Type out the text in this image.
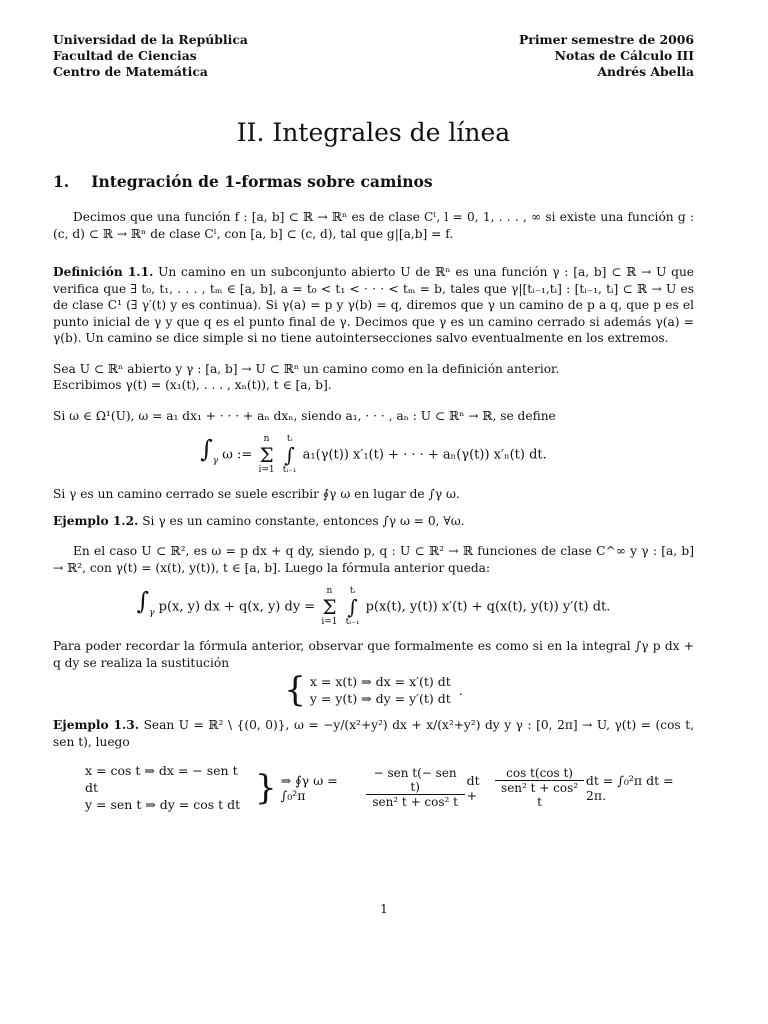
Universidad de la República
Facultad de Ciencias
Centro de Matemática
Primer semestre de 2006
Notas de Cálculo III
Andrés Abella
II. Integrales de línea
1. Integración de 1-formas sobre caminos

Decimos que una función f : [a, b] ⊂ ℝ → ℝⁿ es de clase Cˡ, l = 0, 1, . . . , ∞ si existe una función g : (c, d) ⊂ ℝ → ℝⁿ de clase Cˡ, con [a, b] ⊂ (c, d), tal que g|[a,b] = f.

Definición 1.1. Un camino en un subconjunto abierto U de ℝⁿ es una función γ : [a, b] ⊂ ℝ → U que verifica que ∃ t₀, t₁, . . . , tₘ ∈ [a, b], a = t₀ < t₁ < · · · < tₘ = b, tales que γ|[tᵢ₋₁,tᵢ] : [tᵢ₋₁, tᵢ] ⊂ ℝ → U es de clase C¹ (∃ γ′(t) y es continua). Si γ(a) = p y γ(b) = q, diremos que γ un camino de p a q, que p es el punto inicial de γ y que q es el punto final de γ. Decimos que γ es un camino cerrado si además γ(a) = γ(b). Un camino se dice simple si no tiene autointersecciones salvo eventualmente en los extremos.

Sea U ⊂ ℝⁿ abierto y γ : [a, b] → U ⊂ ℝⁿ un camino como en la definición anterior.

Escribimos γ(t) = (x₁(t), . . . , xₙ(t)), t ∈ [a, b].

Si ω ∈ Ω¹(U), ω = a₁ dx₁ + · · · + aₙ dxₙ, siendo a₁, · · · , aₙ : U ⊂ ℝⁿ → ℝ, se define

$\int_\gamma$ ω := n
Σ
i=1 tᵢ
∫
tᵢ₋₁ a₁(γ(t)) x′₁(t) + · · · + aₙ(γ(t)) x′ₙ(t) dt.

Si γ es un camino cerrado se suele escribir ∮γ ω en lugar de ∫γ ω.

Ejemplo 1.2. Si γ es un camino constante, entonces ∫γ ω = 0, ∀ω.

En el caso U ⊂ ℝ², es ω = p dx + q dy, siendo p, q : U ⊂ ℝ² → ℝ funciones de clase C^∞ y γ : [a, b] → ℝ², con γ(t) = (x(t), y(t)), t ∈ [a, b]. Luego la fórmula anterior queda:

$\int_\gamma$ p(x, y) dx + q(x, y) dy = n
Σ
i=1 tᵢ
∫
tᵢ₋₁ p(x(t), y(t)) x′(t) + q(x(t), y(t)) y′(t) dt.

Para poder recordar la fórmula anterior, observar que formalmente es como si en la integral ∫γ p dx + q dy se realiza la sustitución

{ x = x(t) ⇒ dx = x′(t) dt
y = y(t) ⇒ dy = y′(t) dt
.

Ejemplo 1.3. Sean U = ℝ² \ {(0, 0)}, ω = −y/(x²+y²) dx + x/(x²+y²) dy y γ : [0, 2π] → U, γ(t) = (cos t, sen t), luego

x = cos t ⇒ dx = − sen t dt
y = sen t ⇒ dy = cos t dt } ⇒ ∮γ ω = ∫₀²π	$\frac{\text{− sen t(− sen t)}}{\text{sen² t + cos² t}}$ dt +	$\frac{\text{cos t(cos t)}}{\text{sen² t + cos² t}}$ dt = ∫₀²π dt = 2π.
1
